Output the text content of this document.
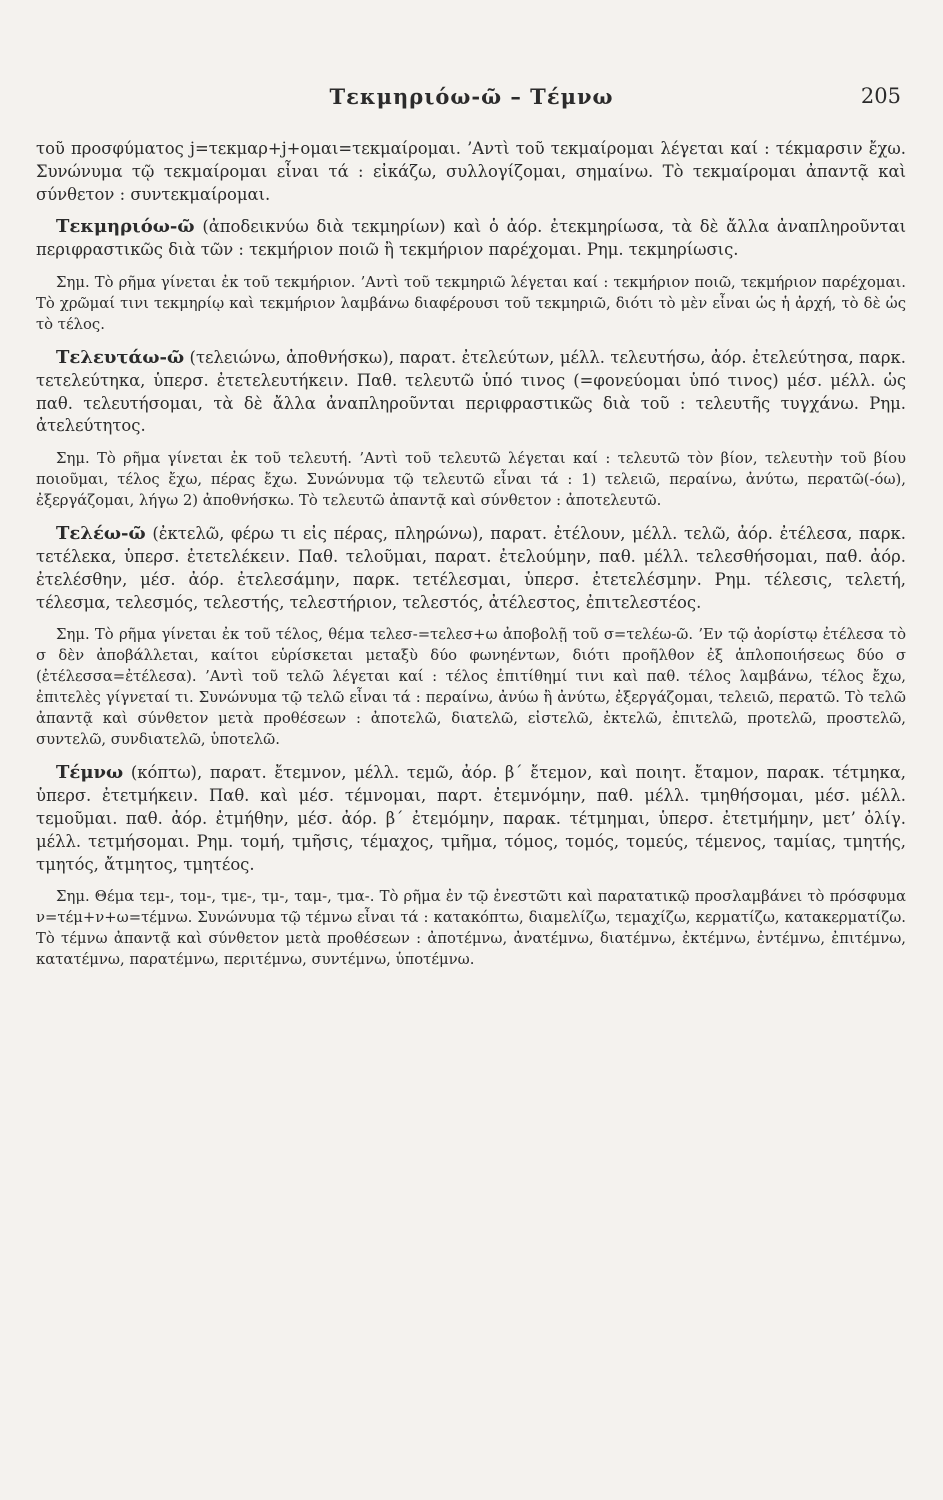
Τεκμηριόω-ῶ – Τέμνω	205

τοῦ προσφύματος j=τεκμαρ+j+ομαι=τεκμαίρομαι. ’Αντὶ τοῦ τεκμαίρομαι λέγεται καί : τέκμαρσιν ἔχω. Συνώνυμα τῷ τεκμαίρομαι εἶναι τά : εἰκάζω, συλλογίζομαι, σημαίνω. Τὸ τεκμαίρομαι ἀπαντᾷ καὶ σύνθετον : συντεκμαίρομαι.

Τεκμηριόω-ῶ (ἀποδεικνύω διὰ τεκμηρίων) καὶ ὁ ἀόρ. ἐτεκμηρίωσα, τὰ δὲ ἄλλα ἀναπληροῦνται περιφραστικῶς διὰ τῶν : τεκμήριον ποιῶ ἢ τεκμήριον παρέχομαι. Ρημ. τεκμηρίωσις.

Σημ. Τὸ ρῆμα γίνεται ἐκ τοῦ τεκμήριον. ’Αντὶ τοῦ τεκμηριῶ λέγεται καί : τεκμήριον ποιῶ, τεκμήριον παρέχομαι. Τὸ χρῶμαί τινι τεκμηρίῳ καὶ τεκμήριον λαμβάνω διαφέρουσι τοῦ τεκμηριῶ, διότι τὸ μὲν εἶναι ὡς ἡ ἀρχή, τὸ δὲ ὡς τὸ τέλος.

Τελευτάω-ῶ (τελειώνω, ἀποθνήσκω), παρατ. ἐτελεύτων, μέλλ. τελευτήσω, ἀόρ. ἐτελεύτησα, παρκ. τετελεύτηκα, ὑπερσ. ἐτετελευτήκειν. Παθ. τελευτῶ ὑπό τινος (=φονεύομαι ὑπό τινος) μέσ. μέλλ. ὡς παθ. τελευτήσομαι, τὰ δὲ ἄλλα ἀναπληροῦνται περιφραστικῶς διὰ τοῦ : τελευτῆς τυγχάνω. Ρημ. ἀτελεύτητος.

Σημ. Τὸ ρῆμα γίνεται ἐκ τοῦ τελευτή. ’Αντὶ τοῦ τελευτῶ λέγεται καί : τελευτῶ τὸν βίον, τελευτὴν τοῦ βίου ποιοῦμαι, τέλος ἔχω, πέρας ἔχω. Συνώνυμα τῷ τελευτῶ εἶναι τά : 1) τελειῶ, περαίνω, ἀνύτω, περατῶ(-όω), ἐξεργάζομαι, λήγω 2) ἀποθνήσκω. Τὸ τελευτῶ ἀπαντᾷ καὶ σύνθετον : ἀποτελευτῶ.

Τελέω-ῶ (ἐκτελῶ, φέρω τι εἰς πέρας, πληρώνω), παρατ. ἐτέλουν, μέλλ. τελῶ, ἀόρ. ἐτέλεσα, παρκ. τετέλεκα, ὑπερσ. ἐτετελέκειν. Παθ. τελοῦμαι, παρατ. ἐτελούμην, παθ. μέλλ. τελεσθήσομαι, παθ. ἀόρ. ἐτελέσθην, μέσ. ἀόρ. ἐτελεσάμην, παρκ. τετέλεσμαι, ὑπερσ. ἐτετελέσμην. Ρημ. τέλεσις, τελετή, τέλεσμα, τελεσμός, τελεστής, τελεστήριον, τελεστός, ἀτέλεστος, ἐπιτελεστέος.

Σημ. Τὸ ρῆμα γίνεται ἐκ τοῦ τέλος, θέμα τελεσ-=τελεσ+ω ἀποβολῇ τοῦ σ=τελέω-ῶ. ’Εν τῷ ἀορίστῳ ἐτέλεσα τὸ σ δὲν ἀποβάλλεται, καίτοι εὑρίσκεται μεταξὺ δύο φωνηέντων, διότι προῆλθον ἐξ ἁπλοποιήσεως δύο σ (ἐτέλεσσα=ἐτέλεσα). ’Αντὶ τοῦ τελῶ λέγεται καί : τέλος ἐπιτίθημί τινι καὶ παθ. τέλος λαμβάνω, τέλος ἔχω, ἐπιτελὲς γίγνεταί τι. Συνώνυμα τῷ τελῶ εἶναι τά : περαίνω, ἀνύω ἢ ἀνύτω, ἐξεργάζομαι, τελειῶ, περατῶ. Τὸ τελῶ ἀπαντᾷ καὶ σύνθετον μετὰ προθέσεων : ἀποτελῶ, διατελῶ, εἰστελῶ, ἐκτελῶ, ἐπιτελῶ, προτελῶ, προστελῶ, συντελῶ, συνδιατελῶ, ὑποτελῶ.

Τέμνω (κόπτω), παρατ. ἔτεμνον, μέλλ. τεμῶ, ἀόρ. β΄ ἔτεμον, καὶ ποιητ. ἔταμον, παρακ. τέτμηκα, ὑπερσ. ἐτετμήκειν. Παθ. καὶ μέσ. τέμνομαι, παρτ. ἐτεμνόμην, παθ. μέλλ. τμηθήσομαι, μέσ. μέλλ. τεμοῦμαι. παθ. ἀόρ. ἐτμήθην, μέσ. ἀόρ. β΄ ἐτεμόμην, παρακ. τέτμημαι, ὑπερσ. ἐτετμήμην, μετ’ ὀλίγ. μέλλ. τετμήσομαι. Ρημ. τομή, τμῆσις, τέμαχος, τμῆμα, τόμος, τομός, τομεύς, τέμενος, ταμίας, τμητής, τμητός, ἄτμητος, τμητέος.

Σημ. Θέμα τεμ-, τομ-, τμε-, τμ-, ταμ-, τμα-. Τὸ ρῆμα ἐν τῷ ἐνεστῶτι καὶ παρατατικῷ προσλαμβάνει τὸ πρόσφυμα ν=τέμ+ν+ω=τέμνω. Συνώνυμα τῷ τέμνω εἶναι τά : κατακόπτω, διαμελίζω, τεμαχίζω, κερματίζω, κατακερματίζω. Τὸ τέμνω ἀπαντᾷ καὶ σύνθετον μετὰ προθέσεων : ἀποτέμνω, ἀνατέμνω, διατέμνω, ἐκτέμνω, ἐντέμνω, ἐπιτέμνω, κατατέμνω, παρατέμνω, περιτέμνω, συντέμνω, ὑποτέμνω.
